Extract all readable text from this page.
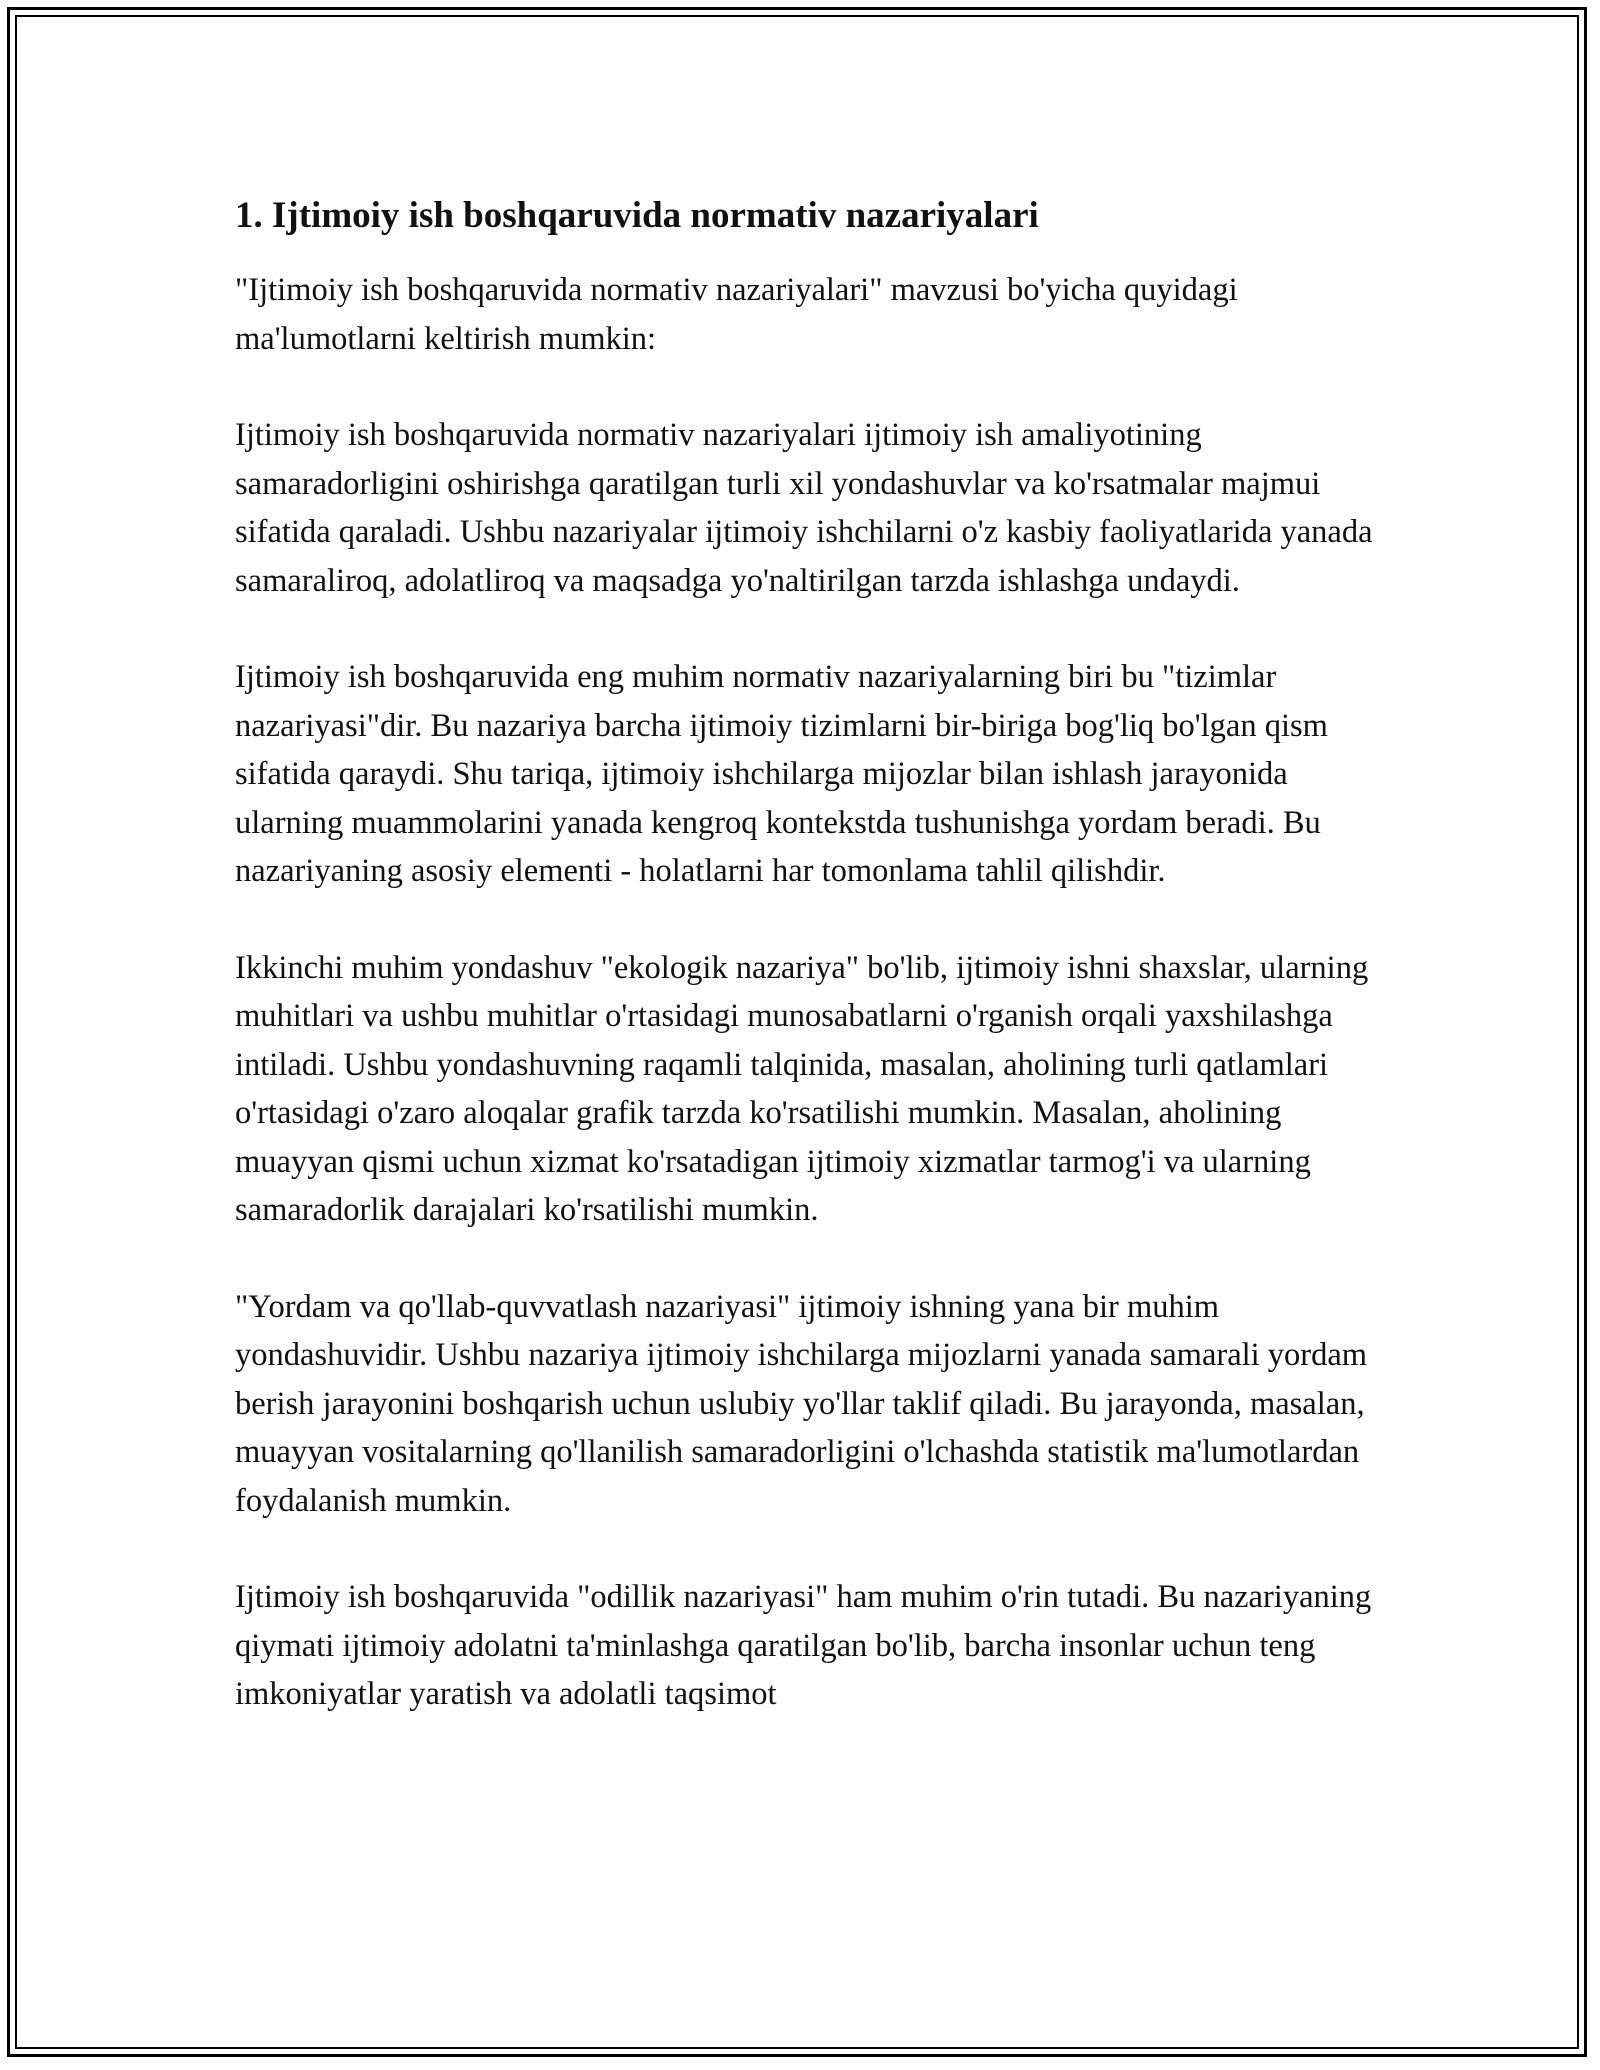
1. Ijtimoiy ish boshqaruvida normativ nazariyalari

"Ijtimoiy ish boshqaruvida normativ nazariyalari" mavzusi bo'yicha quyidagi ma'lumotlarni keltirish mumkin:

Ijtimoiy ish boshqaruvida normativ nazariyalari ijtimoiy ish amaliyotining samaradorligini oshirishga qaratilgan turli xil yondashuvlar va ko'rsatmalar majmui sifatida qaraladi. Ushbu nazariyalar ijtimoiy ishchilarni o'z kasbiy faoliyatlarida yanada samaraliroq, adolatliroq va maqsadga yo'naltirilgan tarzda ishlashga undaydi.

Ijtimoiy ish boshqaruvida eng muhim normativ nazariyalarning biri bu "tizimlar nazariyasi"dir. Bu nazariya barcha ijtimoiy tizimlarni bir-biriga bog'liq bo'lgan qism sifatida qaraydi. Shu tariqa, ijtimoiy ishchilarga mijozlar bilan ishlash jarayonida ularning muammolarini yanada kengroq kontekstda tushunishga yordam beradi. Bu nazariyaning asosiy elementi - holatlarni har tomonlama tahlil qilishdir.

Ikkinchi muhim yondashuv "ekologik nazariya" bo'lib, ijtimoiy ishni shaxslar, ularning muhitlari va ushbu muhitlar o'rtasidagi munosabatlarni o'rganish orqali yaxshilashga intiladi. Ushbu yondashuvning raqamli talqinida, masalan, aholining turli qatlamlari o'rtasidagi o'zaro aloqalar grafik tarzda ko'rsatilishi mumkin. Masalan, aholining muayyan qismi uchun xizmat ko'rsatadigan ijtimoiy xizmatlar tarmog'i va ularning samaradorlik darajalari ko'rsatilishi mumkin.

"Yordam va qo'llab-quvvatlash nazariyasi" ijtimoiy ishning yana bir muhim yondashuvidir. Ushbu nazariya ijtimoiy ishchilarga mijozlarni yanada samarali yordam berish jarayonini boshqarish uchun uslubiy yo'llar taklif qiladi. Bu jarayonda, masalan, muayyan vositalarning qo'llanilish samaradorligini o'lchashda statistik ma'lumotlardan foydalanish mumkin.

Ijtimoiy ish boshqaruvida "odillik nazariyasi" ham muhim o'rin tutadi. Bu nazariyaning qiymati ijtimoiy adolatni ta'minlashga qaratilgan bo'lib, barcha insonlar uchun teng imkoniyatlar yaratish va adolatli taqsimot
